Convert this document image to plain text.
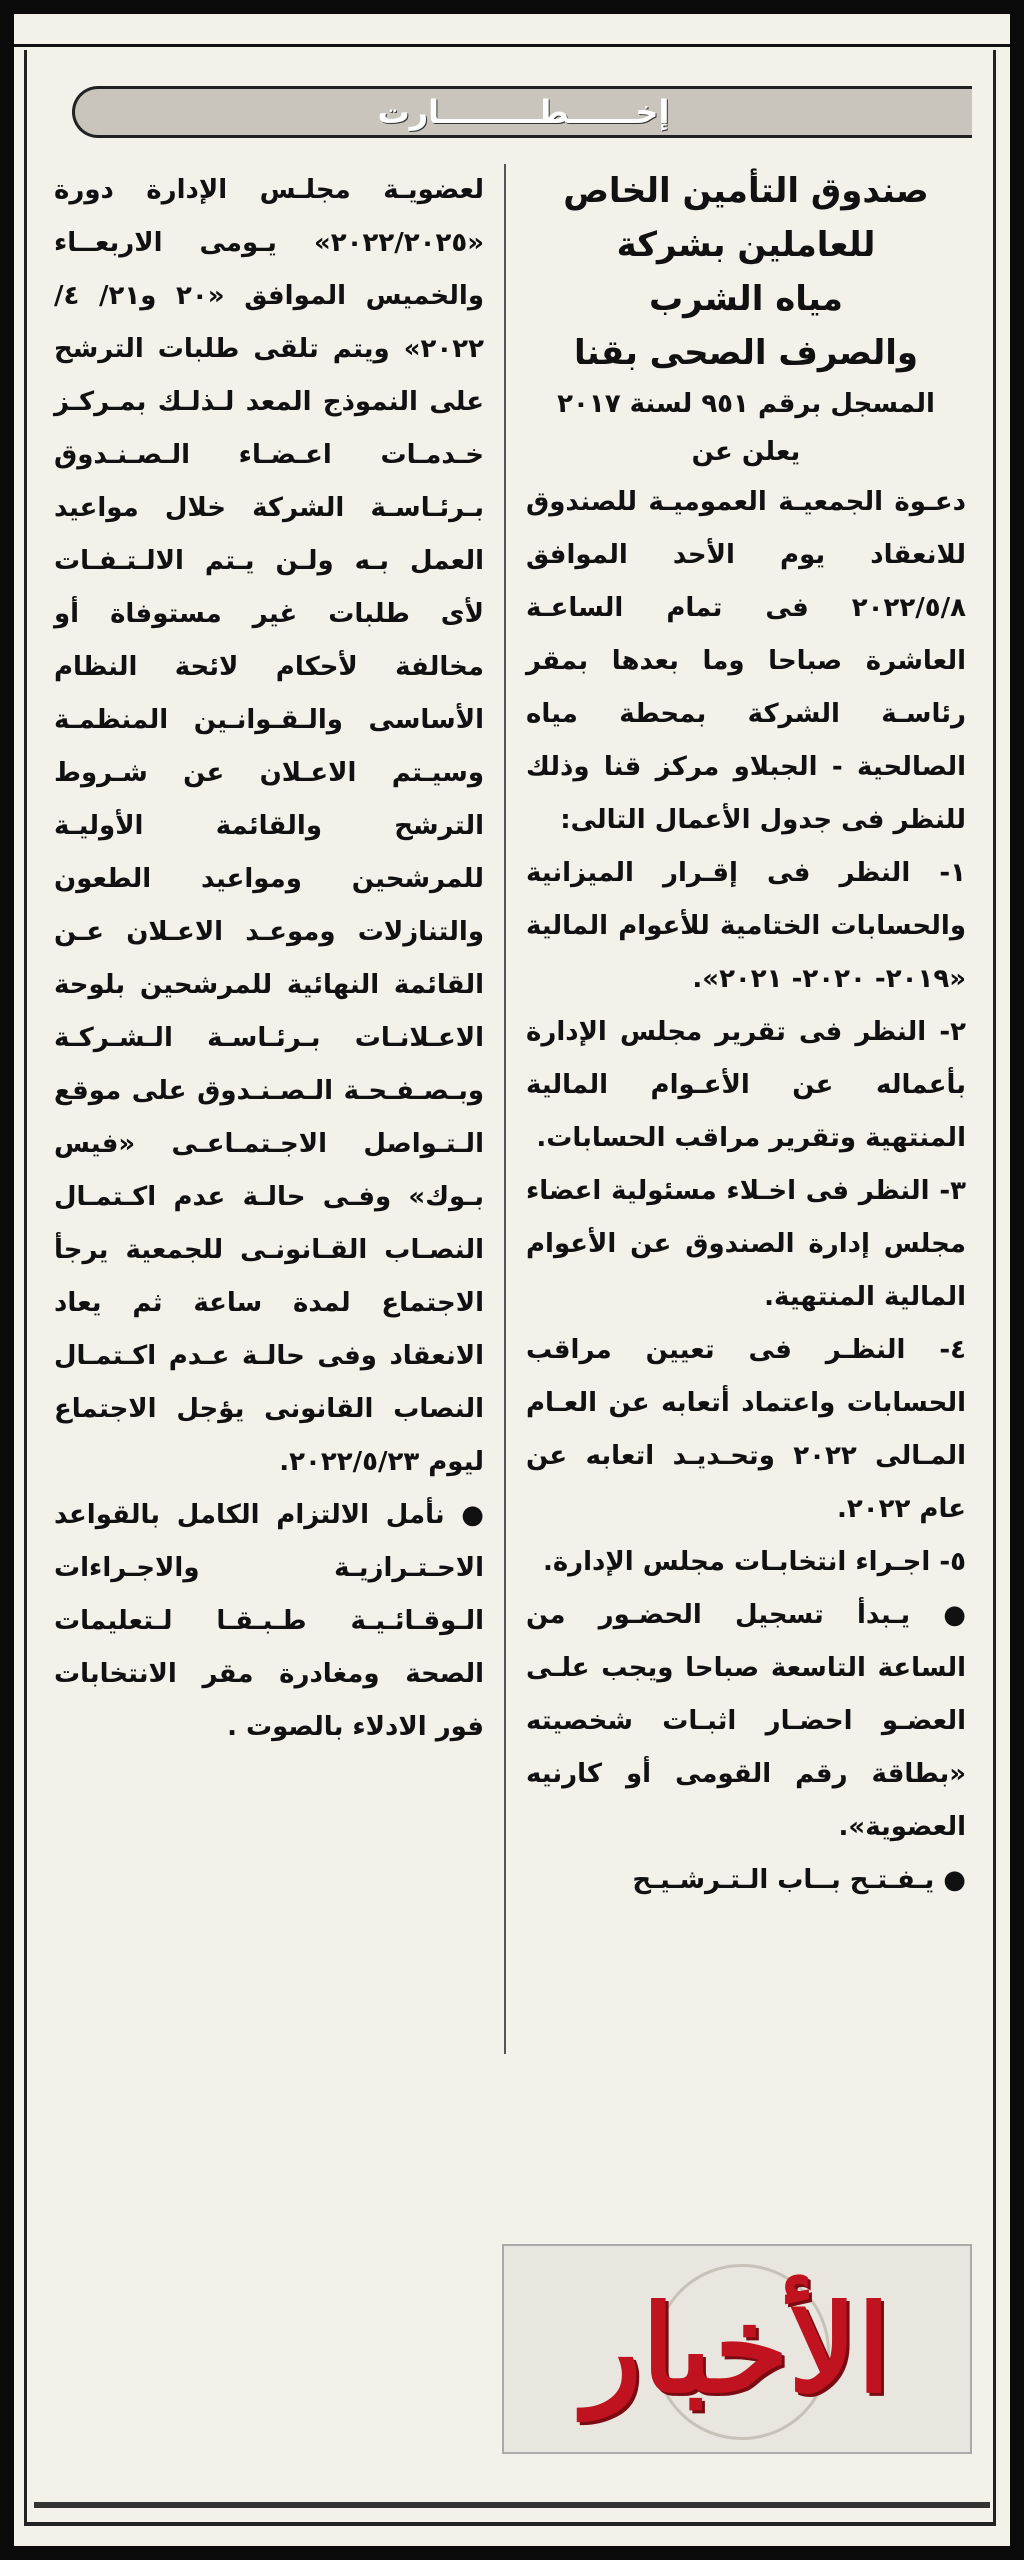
إخــــــطـــــــــارت
صندوق التأمين الخاص
للعاملين بشركة
مياه الشرب
والصرف الصحى بقنا
المسجل برقم ٩٥١ لسنة ٢٠١٧
يعلن عن

دعـوة الجمعيـة العموميـة للصندوق للانعقاد يوم الأحد الموافق ٢٠٢٢/٥/٨ فى تمام الساعـة العاشرة صباحا وما بعدها بمقر رئاسـة الشركة بمحطة مياه الصالحية - الجبلاو مركز قنا وذلك للنظر فى جدول الأعمال التالى:

١- النظر فى إقـرار الميزانية والحسابات الختامية للأعوام المالية «٢٠١٩- ٢٠٢٠- ٢٠٢١».

٢- النظر فى تقرير مجلس الإدارة بأعماله عن الأعـوام المالية المنتهية وتقرير مراقب الحسابات.

٣- النظر فى اخـلاء مسئولية اعضاء مجلس إدارة الصندوق عن الأعوام المالية المنتهية.

٤- النظـر فى تعيين مراقب الحسابات واعتماد أتعابه عن العـام المـالى ٢٠٢٢ وتحـديـد اتعابه عن عام ٢٠٢٢.

٥- اجـراء انتخابـات مجلس الإدارة.

● يـبدأ تسجيل الحضـور من الساعة التاسعة صباحا ويجب علـى العضـو احضـار اثبـات شخصيته «بطاقة رقم القومى أو كارنيه العضوية».

● يـفـتـح بــاب الـتـرشـيـح

لعضويـة مجلـس الإدارة دورة «٢٠٢٢/٢٠٢٥» يـومى الاربعــاء والخميس الموافق «٢٠ و٢١/ ٤/ ٢٠٢٢» ويتم تلقى طلبات الترشح على النموذج المعد لـذلـك بمـركـز خـدمـات اعـضـاء الـصـنـدوق بـرئـاسـة الشركة خلال مواعيد العمل بـه ولـن يـتم الالـتـفـات لأى طلبات غير مستوفاة أو مخالفة لأحكام لائحة النظام الأساسى والـقـوانـين المنظمـة وسيـتم الاعـلان عن شـروط الترشح والقائمة الأوليـة للمرشحين ومواعيد الطعون والتنازلات وموعـد الاعـلان عـن القائمة النهائية للمرشحين بلوحة الاعـلانـات بـرئـاسـة الـشـركـة وبـصـفـحـة الـصـنـدوق على موقع الـتـواصل الاجـتمـاعـى «فيس بـوك» وفـى حالـة عدم اكـتمـال النصـاب القـانونـى للجمعية يرجأ الاجتماع لمدة ساعة ثم يعاد الانعقاد وفى حالـة عـدم اكـتمـال النصاب القانونى يؤجل الاجتماع ليوم ٢٠٢٢/٥/٢٣.

● نأمل الالتزام الكامل بالقواعد الاحـتـرازيـة والاجـراءات الـوقـائـيـة طـبـقـا لـتعليمات الصحة ومغادرة مقر الانتخابات فور الادلاء بالصوت .

الأخبار
